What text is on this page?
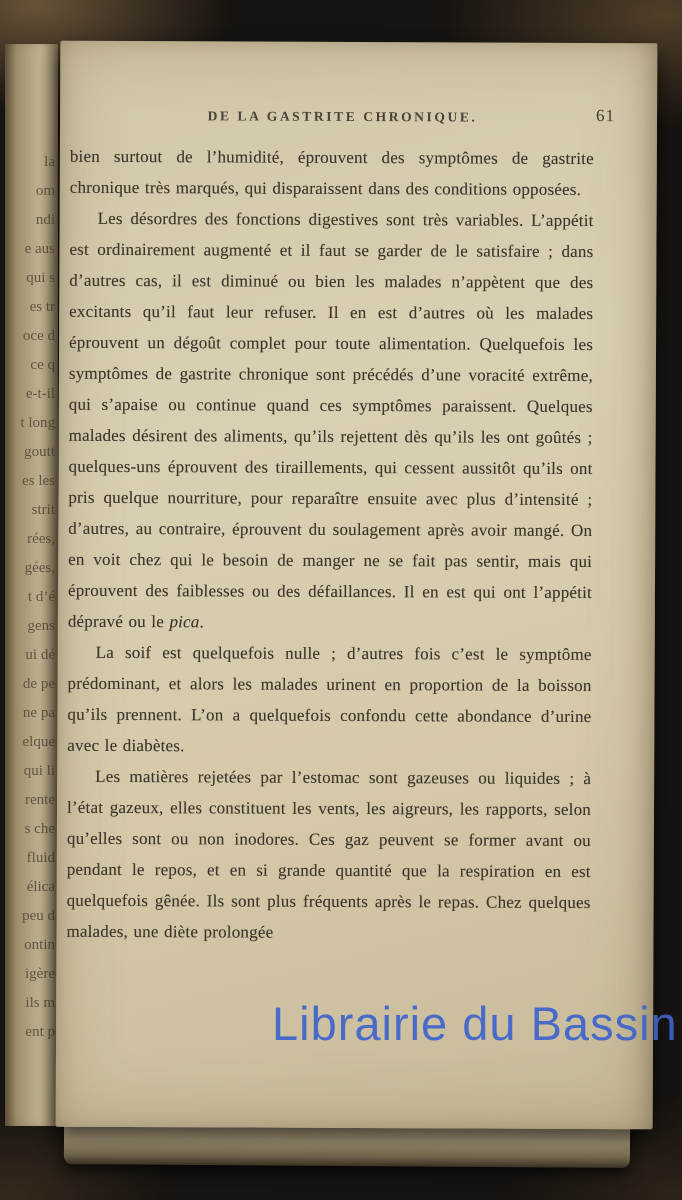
la
om
ndi
e aus
qui s
es tr
oce d
ce q
e-t-il
t long
goutt
es les
strit
rées,
gées,
t d’é
gens
ui dé
de pe
ne pa
elque
qui li
rente
s che
fluid
élica
peu d
ontin
igère
ils m
ent p
DE LA GASTRITE CHRONIQUE.	61

bien surtout de l’humidité, éprouvent des symptômes de gastrite chronique très marqués, qui disparaissent dans des conditions opposées.

Les désordres des fonctions digestives sont très variables. L’appétit est ordinairement augmenté et il faut se garder de le satisfaire ; dans d’autres cas, il est diminué ou bien les malades n’appètent que des excitants qu’il faut leur refuser. Il en est d’autres où les malades éprouvent un dégoût complet pour toute alimentation. Quelquefois les symptômes de gastrite chronique sont précédés d’une voracité extrême, qui s’apaise ou continue quand ces symptômes paraissent. Quelques malades désirent des aliments, qu’ils rejettent dès qu’ils les ont goûtés ; quelques-uns éprouvent des tiraillements, qui cessent aussitôt qu’ils ont pris quelque nourriture, pour reparaître ensuite avec plus d’intensité ; d’autres, au contraire, éprouvent du soulagement après avoir mangé. On en voit chez qui le besoin de manger ne se fait pas sentir, mais qui éprouvent des faiblesses ou des défaillances. Il en est qui ont l’appétit dépravé ou le pica.

La soif est quelquefois nulle ; d’autres fois c’est le symptôme prédominant, et alors les malades urinent en proportion de la boisson qu’ils prennent. L’on a quelquefois confondu cette abondance d’urine avec le diabètes.

Les matières rejetées par l’estomac sont gazeuses ou liquides ; à l’état gazeux, elles constituent les vents, les aigreurs, les rapports, selon qu’elles sont ou non inodores. Ces gaz peuvent se former avant ou pendant le repos, et en si grande quantité que la respiration en est quelquefois gênée. Ils sont plus fréquents après le repas. Chez quelques malades, une diète prolongée

Librairie du Bassin
